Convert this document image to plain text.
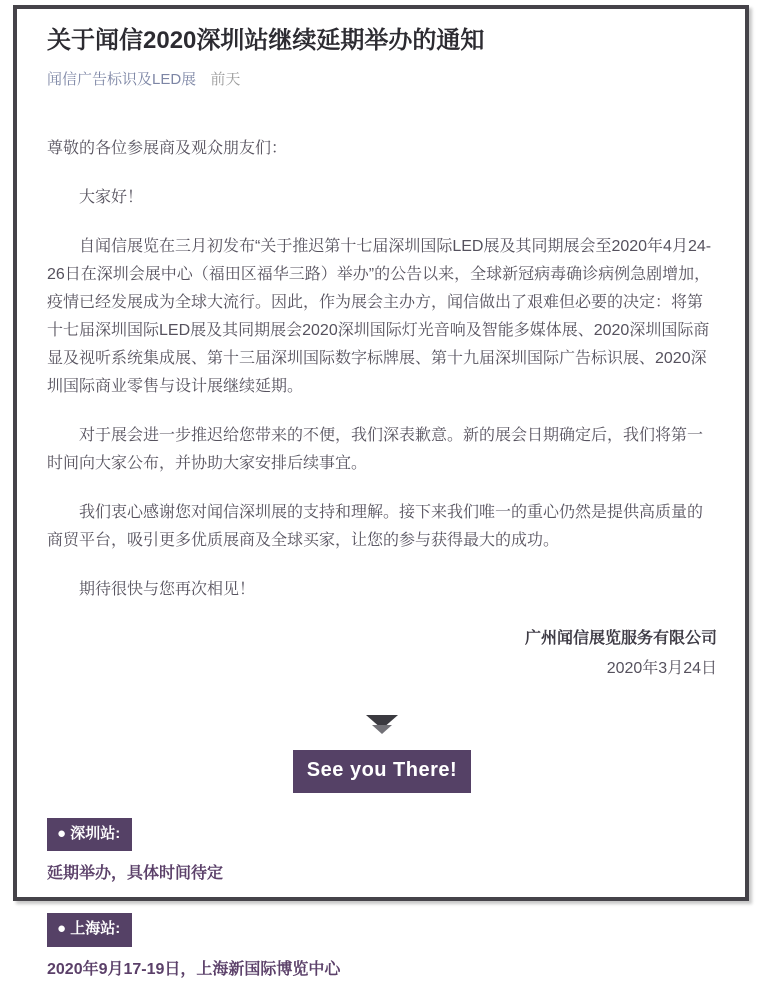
关于闻信2020深圳站继续延期举办的通知
闻信广告标识及LED展 前天

尊敬的各位参展商及观众朋友们：

大家好！

自闻信展览在三月初发布“关于推迟第十七届深圳国际LED展及其同期展会至2020年4月24-26日在深圳会展中心（福田区福华三路）举办”的公告以来，全球新冠病毒确诊病例急剧增加，疫情已经发展成为全球大流行。因此，作为展会主办方，闻信做出了艰难但必要的决定：将第十七届深圳国际LED展及其同期展会2020深圳国际灯光音响及智能多媒体展、2020深圳国际商显及视听系统集成展、第十三届深圳国际数字标牌展、第十九届深圳国际广告标识展、2020深圳国际商业零售与设计展继续延期。

对于展会进一步推迟给您带来的不便，我们深表歉意。新的展会日期确定后，我们将第一时间向大家公布，并协助大家安排后续事宜。

我们衷心感谢您对闻信深圳展的支持和理解。接下来我们唯一的重心仍然是提供高质量的商贸平台，吸引更多优质展商及全球买家，让您的参与获得最大的成功。

期待很快与您再次相见！

广州闻信展览服务有限公司

2020年3月24日

See you There!
● 深圳站:

延期举办，具体时间待定

● 上海站:

2020年9月17-19日，上海新国际博览中心
